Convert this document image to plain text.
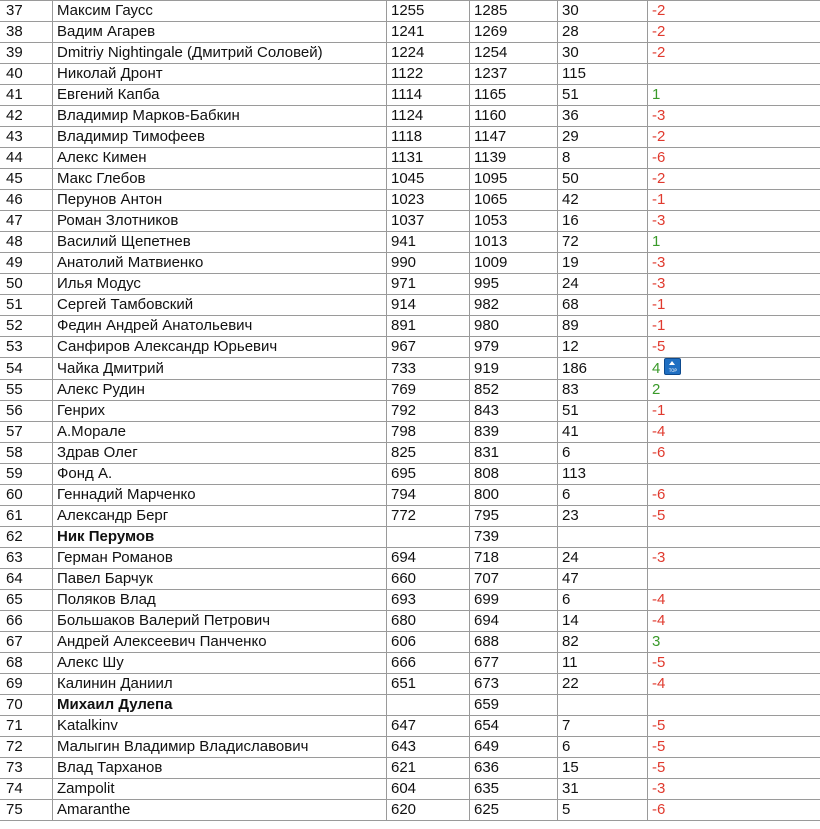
37	Максим Гаусс	1255	1285	30	-2
38	Вадим Агарев	1241	1269	28	-2
39	Dmitriy Nightingale (Дмитрий Соловей)	1224	1254	30	-2
40	Николай Дронт	1122	1237	115	
41	Евгений Капба	1114	1165	51	1
42	Владимир Марков-Бабкин	1124	1160	36	-3
43	Владимир Тимофеев	1118	1147	29	-2
44	Алекс Кимен	1131	1139	8	-6
45	Макс Глебов	1045	1095	50	-2
46	Перунов Антон	1023	1065	42	-1
47	Роман Злотников	1037	1053	16	-3
48	Василий Щепетнев	941	1013	72	1
49	Анатолий Матвиенко	990	1009	19	-3
50	Илья Модус	971	995	24	-3
51	Сергей Тамбовский	914	982	68	-1
52	Федин Андрей Анатольевич	891	980	89	-1
53	Санфиров Александр Юрьевич	967	979	12	-5
54	Чайка Дмитрий	733	919	186	4TOP
55	Алекс Рудин	769	852	83	2
56	Генрих	792	843	51	-1
57	А.Морале	798	839	41	-4
58	Здрав Олег	825	831	6	-6
59	Фонд А.	695	808	113	
60	Геннадий Марченко	794	800	6	-6
61	Александр Берг	772	795	23	-5
62	Ник Перумов		739		
63	Герман Романов	694	718	24	-3
64	Павел Барчук	660	707	47	
65	Поляков Влад	693	699	6	-4
66	Большаков Валерий Петрович	680	694	14	-4
67	Андрей Алексеевич Панченко	606	688	82	3
68	Алекс Шу	666	677	11	-5
69	Калинин Даниил	651	673	22	-4
70	Михаил Дулепа		659		
71	Katalkinv	647	654	7	-5
72	Малыгин Владимир Владиславович	643	649	6	-5
73	Влад Тарханов	621	636	15	-5
74	Zampolit	604	635	31	-3
75	Amaranthe	620	625	5	-6
